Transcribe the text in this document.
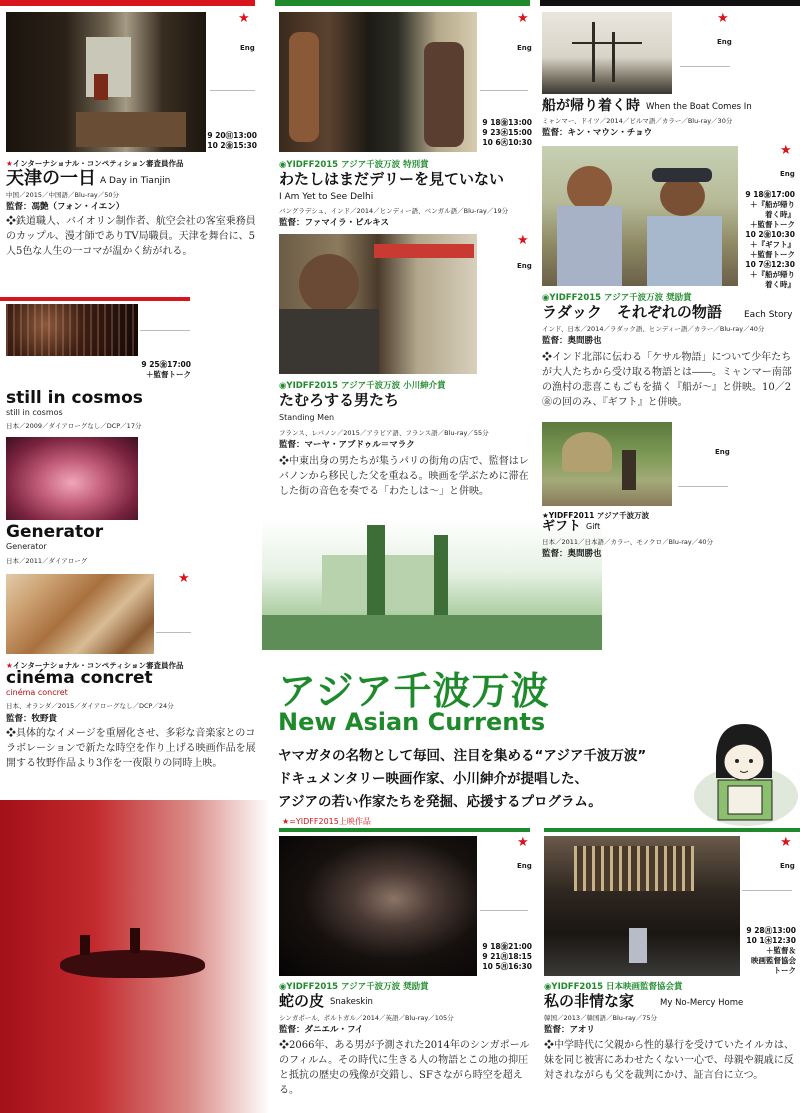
★
Eng
9 20㊐13:00
10 2㊎15:30
★インターナショナル・コンペティション審査員作品
天津の一日 A Day in Tianjin
中国／2015／中国語／Blu-ray／50分
監督：馮艶（フォン・イエン）
❖鉄道職人、バイオリン制作者、航空会社の客室乗務員のカップル、漫才師でありTV局職員。天津を舞台に、5人5色な人生の一コマが温かく紡がれる。
9 25㊎17:00
＋監督トーク
still in cosmos
still in cosmos
日本／2009／ダイアローグなし／DCP／17分
Generator
Generator
日本／2011／ダイアローグ
★
★インターナショナル・コンペティション審査員作品
cinéma concret
cinéma concret
日本、オランダ／2015／ダイアローグなし／DCP／24分
監督：牧野貴
❖具体的なイメージを重層化させ、多彩な音楽家とのコラボレーションで新たな時空を作り上げる映画作品を展開する牧野作品より3作を一夜限りの同時上映。
★
Eng
9 18㊎13:00
9 23㊌15:00
10 6㊋10:30
◉YIDFF2015 アジア千波万波 特別賞
わたしはまだデリーを見ていない
I Am Yet to See Delhi
バングラデシュ、インド／2014／ヒンディー語、ベンガル語／Blu-ray／19分
監督：ファマイラ・ビルキス
★
Eng
◉YIDFF2015 アジア千波万波 小川紳介賞
たむろする男たち
Standing Men
フランス、レバノン／2015／アラビア語、フランス語／Blu-ray／55分
監督：マーヤ・アブドゥル＝マラク
❖中東出身の男たちが集うパリの街角の店で、監督はレバノンから移民した父を重ねる。映画を学ぶために滞在した街の音色を奏でる「わたしは〜」と併映。
★
Eng
船が帰り着く時 When the Boat Comes In
ミャンマー、ドイツ／2014／ビルマ語／カラー／Blu-ray／30分
監督：キン・マウン・チョウ
★
Eng
9 18㊎17:00
＋『船が帰り
着く時』
＋監督トーク
10 2㊎10:30
＋『ギフト』
＋監督トーク
10 7㊌12:30
＋『船が帰り
着く時』
◉YIDFF2015 アジア千波万波 奨励賞
ラダック　それぞれの物語 Each Story
インド、日本／2014／ラダック語、ヒンディー語／カラー／Blu-ray／40分
監督：奥間勝也
❖インド北部に伝わる「ケサル物語」について少年たちが大人たちから受け取る物語とは――。ミャンマー南部の漁村の悲喜こもごもを描く『船が〜』と併映。10／2㊎の回のみ、『ギフト』と併映。
Eng
★YIDFF2011 アジア千波万波
ギフト Gift
日本／2011／日本語／カラー、モノクロ／Blu-ray／40分
監督：奥間勝也
アジア千波万波
New Asian Currents
ヤマガタの名物として毎回、注目を集める“アジア千波万波”
ドキュメンタリー映画作家、小川紳介が提唱した、
アジアの若い作家たちを発掘、応援するプログラム。
★=YIDFF2015上映作品
★
Eng
9 18㊎21:00
9 21㊊18:15
10 5㊊16:30
◉YIDFF2015 アジア千波万波 奨励賞
蛇の皮 Snakeskin
シンガポール、ポルトガル／2014／英語／Blu-ray／105分
監督：ダニエル・フイ
❖2066年、ある男が予測された2014年のシンガポールのフィルム。その時代に生きる人の物語とこの地の抑圧と抵抗の歴史の残像が交錯し、SFさながら時空を超える。
★
Eng
9 28㊊13:00
10 1㊍12:30
＋監督＆
映画監督協会
トーク
◉YIDFF2015 日本映画監督協会賞
私の非情な家	My No-Mercy Home
韓国／2013／韓国語／Blu-ray／75分
監督：アオリ
❖中学時代に父親から性的暴行を受けていたイルカは、妹を同じ被害にあわせたくない一心で、母親や親戚に反対されながらも父を裁判にかけ、証言台に立つ。
